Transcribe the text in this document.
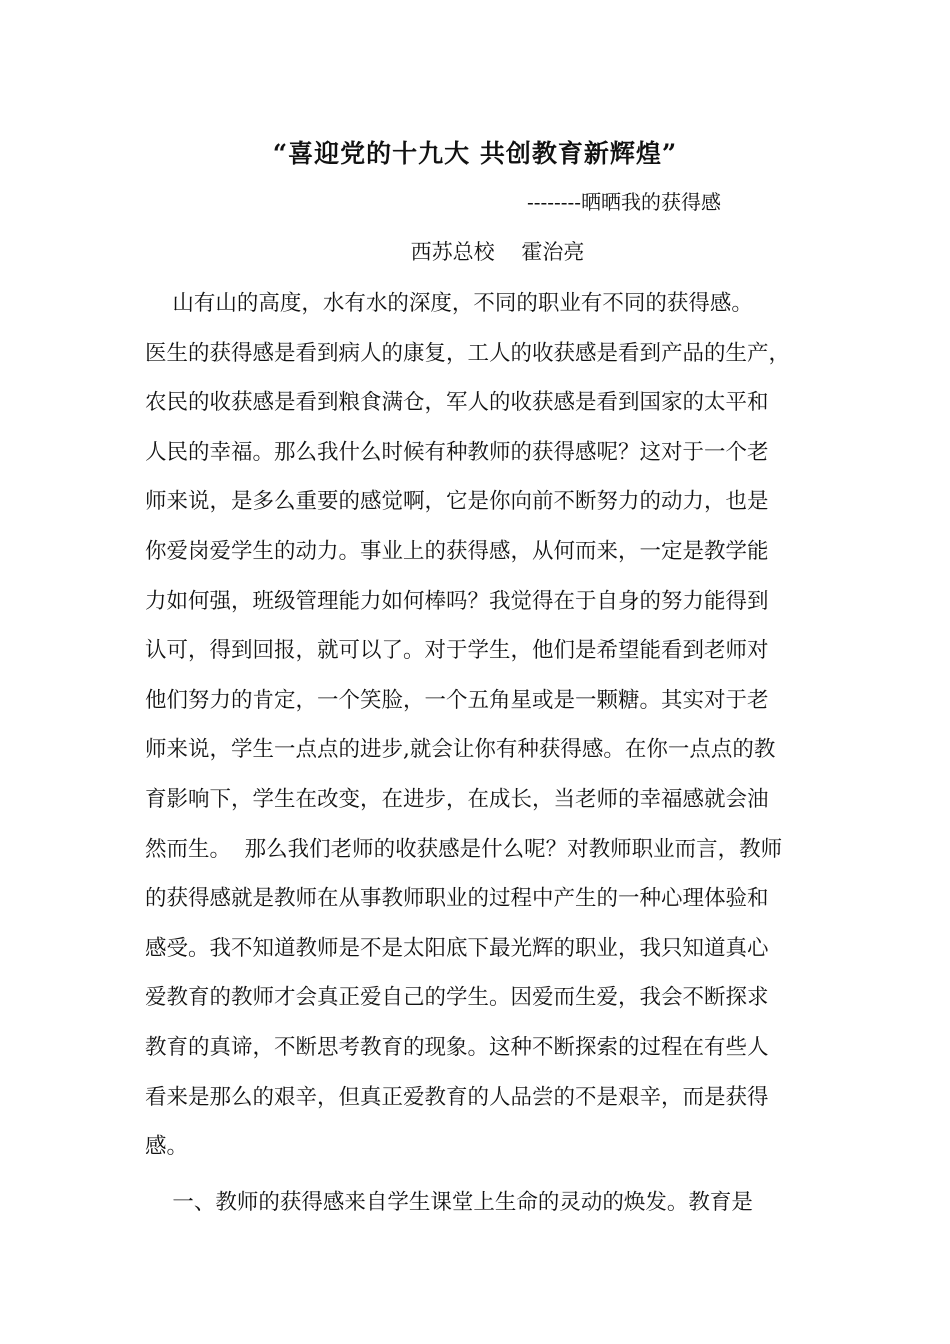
“喜迎党的十九大 共创教育新辉煌”
--------晒晒我的获得感
西苏总校    霍治亮
山有山的高度，水有水的深度，不同的职业有不同的获得感。
医生的获得感是看到病人的康复，工人的收获感是看到产品的生产，
农民的收获感是看到粮食满仓，军人的收获感是看到国家的太平和
人民的幸福。那么我什么时候有种教师的获得感呢？这对于一个老
师来说，是多么重要的感觉啊，它是你向前不断努力的动力，也是
你爱岗爱学生的动力。事业上的获得感，从何而来，一定是教学能
力如何强，班级管理能力如何棒吗？我觉得在于自身的努力能得到
认可，得到回报，就可以了。对于学生，他们是希望能看到老师对
他们努力的肯定，一个笑脸，一个五角星或是一颗糖。其实对于老
师来说，学生一点点的进步,就会让你有种获得感。在你一点点的教
育影响下，学生在改变，在进步，在成长，当老师的幸福感就会油
然而生。  那么我们老师的收获感是什么呢？对教师职业而言，教师
的获得感就是教师在从事教师职业的过程中产生的一种心理体验和
感受。我不知道教师是不是太阳底下最光辉的职业，我只知道真心
爱教育的教师才会真正爱自己的学生。因爱而生爱，我会不断探求
教育的真谛，不断思考教育的现象。这种不断探索的过程在有些人
看来是那么的艰辛，但真正爱教育的人品尝的不是艰辛，而是获得
感。
一、教师的获得感来自学生课堂上生命的灵动的焕发。教育是
